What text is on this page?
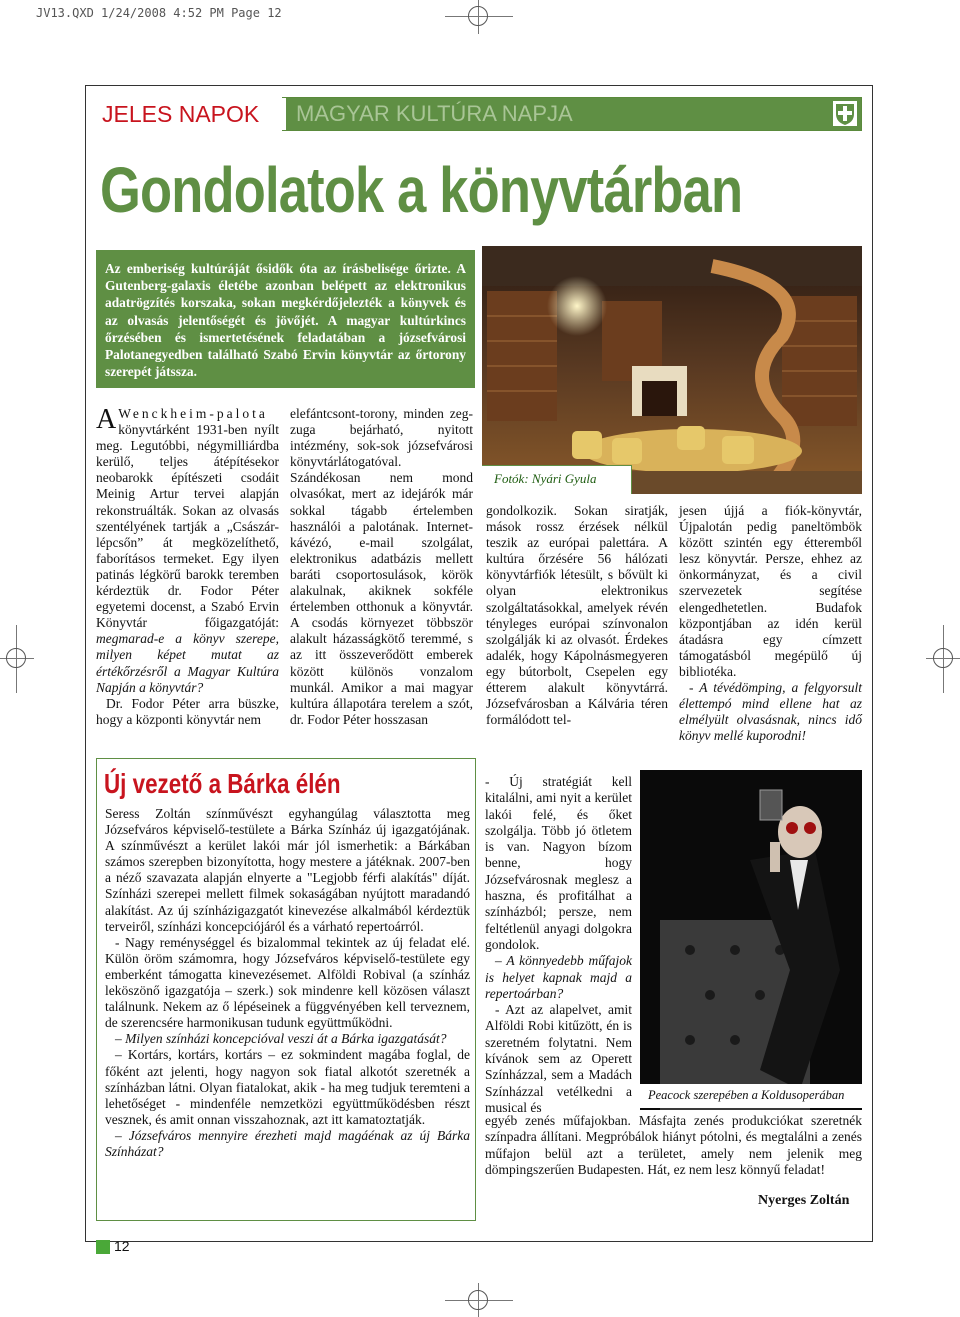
JV13.QXD 1/24/2008 4:52 PM Page 12
JELES NAPOK	MAGYAR KULTÚRA NAPJA
Gondolatok a könyvtárban
Az emberiség kultúráját ősidők óta az írásbelisége őrizte. A Gutenberg-galaxis életébe azonban belépett az elektronikus adatrögzítés korszaka, sokan megkérdőjelezték a könyvek és az olvasás jelentőségét és jövőjét. A magyar kultúrkincs őrzésében és ismertetésének feladatában a józsefvárosi Palotanegyedben található Szabó Ervin könyvtár az őrtorony szerepét játssza.
Fotók: Nyári Gyula

A Wenckheim-palota könyvtárként 1931-ben nyílt meg. Legutóbbi, négymilliárdba kerülő, teljes átépítésekor neobarokk építészeti csodáit Meinig Artur tervei alapján rekonstruálták. Sokan az olvasás szentélyének tartják a „Császár- lépcsőn” át megközelíthető, faborításos termeket. Egy ilyen patinás légkörű barokk teremben kérdeztük dr. Fodor Péter egyetemi docenst, a Szabó Ervin Könyvtár főigazgatóját: megmarad-e a könyv szerepe, milyen képet mutat az értékőrzésről a Magyar Kultúra Napján a könyvtár?

Dr. Fodor Péter arra büszke, hogy a központi könyvtár nem

elefántcsont-torony, minden zeg-zuga bejárható, nyitott intézmény, sok-sok józsefvárosi könyvtárlátogatóval. Szándékosan nem mond olvasókat, mert az idejárók már sokkal tágabb értelemben használói a palotának. Internet-kávézó, e-mail szolgálat, elektronikus adatbázis mellett baráti csoportosulások, körök alakulnak, akiknek sokféle értelemben otthonuk a könyvtár. A csodás környezet többször alakult házasságkötő teremmé, s az itt összeverődött emberek között különös vonzalom munkál. Amikor a mai magyar kultúra állapotára terelem a szót, dr. Fodor Péter hosszasan

gondolkozik. Sokan siratják, mások rossz érzések nélkül teszik az európai palettára. A kultúra őrzésére 56 hálózati könyvtárfiók létesült, s bővült ki olyan elektronikus szolgáltatásokkal, amelyek révén tényleges európai színvonalon szolgálják ki az olvasót. Érdekes adalék, hogy Kápolnásmegyeren egy bútorbolt, Csepelen egy étterem alakult könyvtárrá. Józsefvárosban a Kálvária téren formálódott tel-

jesen újjá a fiók-könyvtár, Újpalotán pedig paneltömbök között szintén egy étteremből lesz könyvtár. Persze, ehhez az önkormányzat, és a civil szervezetek segítése elengedhetetlen. Budafok központjában az idén kerül átadásra egy címzett támogatásból megépülő új bibliotéka.

- A tévédömping, a felgyorsult élettempó mind ellene hat az elmélyült olvasásnak, nincs idő könyv mellé kuporodni!

Új vezető a Bárka élén

Seress Zoltán színművészt egyhangúlag választotta meg Józsefváros képviselő-testülete a Bárka Színház új igazgatójának. A színművészt a kerület lakói már jól ismerhetik: a Bárkában számos szerepben bizonyította, hogy mestere a játéknak. 2007-ben a néző szavazata alapján elnyerte a "Legjobb férfi alakítás" díját. Színházi szerepei mellett filmek sokaságában nyújtott maradandó alakítást. Az új színházigazgatót kinevezése alkalmából kérdeztük terveiről, színházi koncepciójáról és a várható repertoárról.

- Nagy reménységgel és bizalommal tekintek az új feladat elé. Külön öröm számomra, hogy Józsefváros képviselő-testülete egy emberként támogatta kinevezésemet. Alföldi Robival (a színház leköszönő igazgatója – szerk.) sok mindenre kell közösen választ találnunk. Nekem az ő lépéseinek a függvényében kell terveznem, de szerencsére harmonikusan tudunk együttműködni.

– Milyen színházi koncepcióval veszi át a Bárka igazgatását?

– Kortárs, kortárs, kortárs – ez sokmindent magába foglal, de főként azt jelenti, hogy nagyon sok fiatal alkotót szeretnék a színházban látni. Olyan fiatalokat, akik - ha meg tudjuk teremteni a lehetőséget - mindenféle nemzetközi együttműködésben részt vesznek, és amit onnan visszahoznak, azt itt kamatoztatják.

– Józsefváros mennyire érezheti majd magáénak az új Bárka Színházat?

- Új stratégiát kell kitalálni, ami nyit a kerület lakói felé, és őket szolgálja. Több jó ötletem is van. Nagyon bízom benne, hogy Józsefvárosnak meglesz a haszna, és profitálhat a színházból; persze, nem feltétlenül anyagi dolgokra gondolok.

– A könnyedebb műfajok is helyet kapnak majd a repertoárban?

- Azt az alapelvet, amit Alföldi Robi kitűzött, én is szeretném folytatni. Nem kívánok sem az Operett Színházzal, sem a Madách Színházzal vetélkedni a musical és

egyéb zenés műfajokban. Másfajta zenés produkciókat szeretnék színpadra állítani. Megpróbálok hiányt pótolni, és megtalálni a zenés műfajon belül azt a területet, amely nem jelenik meg dömpingszerűen Budapesten. Hát, ez nem lesz könnyű feladat!

Peacock szerepében a Koldusoperában
Nyerges Zoltán
12
